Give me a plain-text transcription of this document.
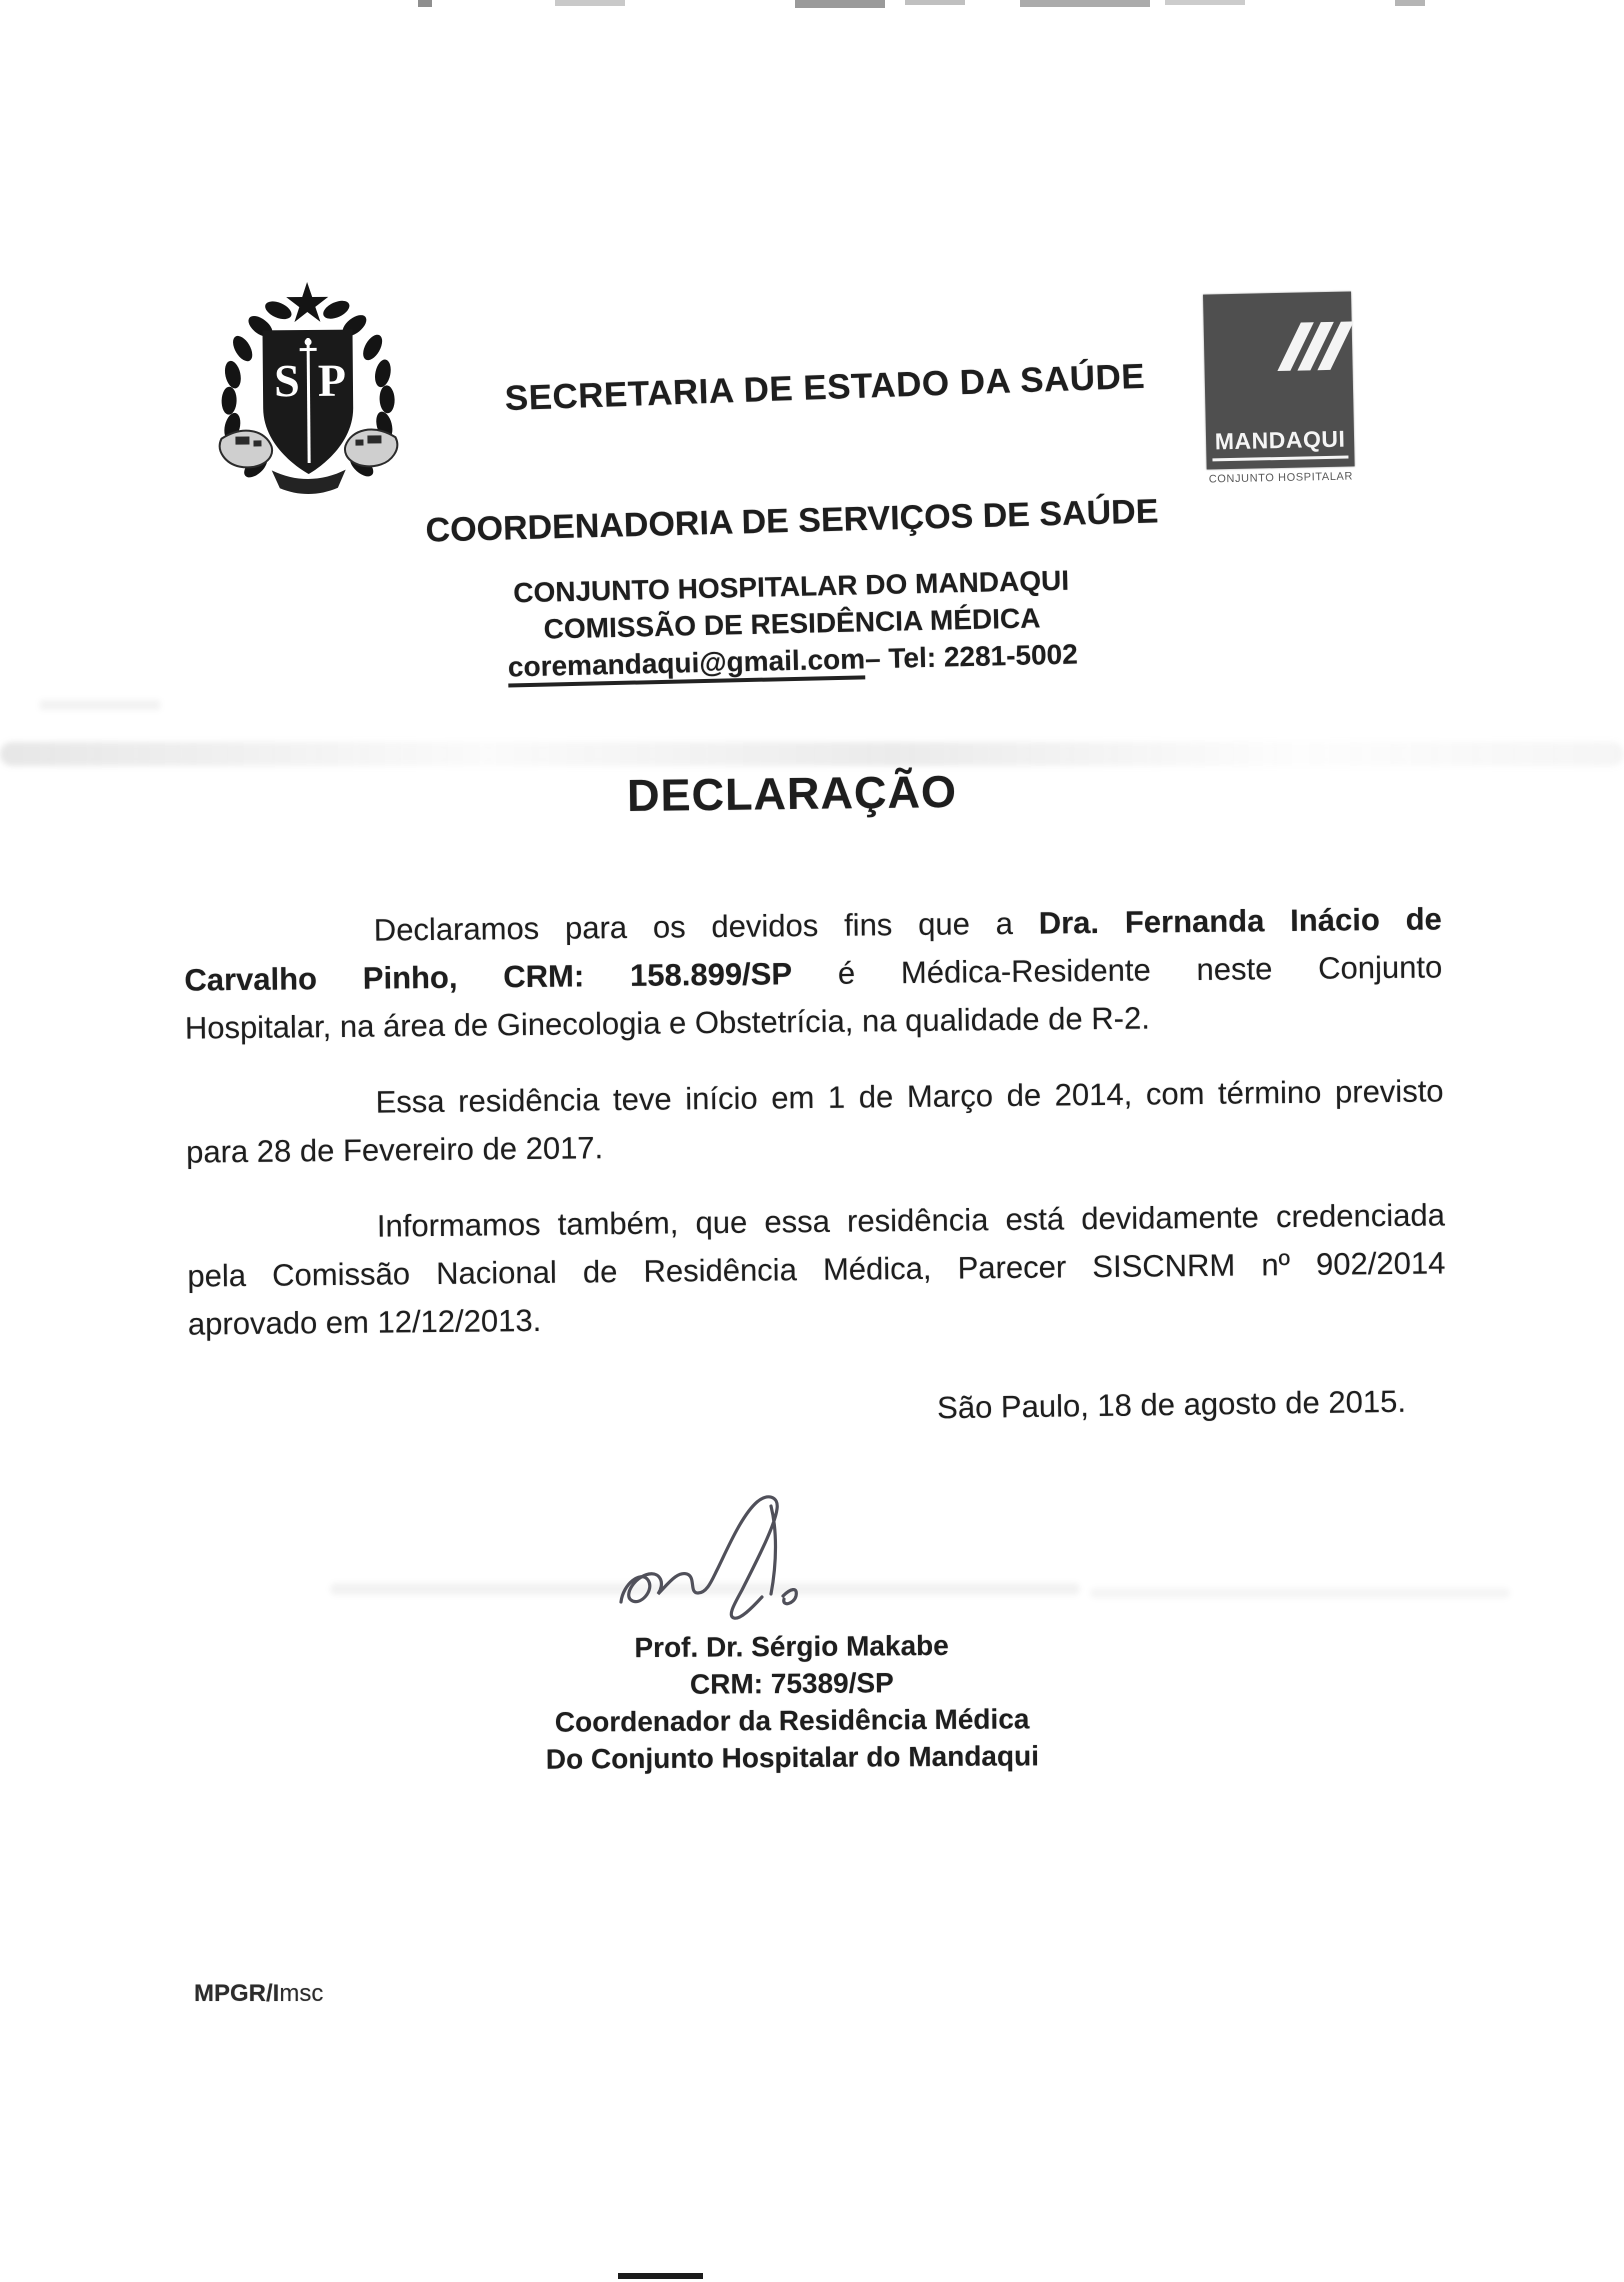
S P	SECRETARIA DE ESTADO DA SAÚDE
MANDAQUI
CONJUNTO HOSPITALAR
COORDENADORIA DE SERVIÇOS DE SAÚDE
CONJUNTO HOSPITALAR DO MANDAQUI
COMISSÃO DE RESIDÊNCIA MÉDICA
coremandaqui@gmail.com– Tel: 2281-5002
DECLARAÇÃO
Declaramos para os devidos fins que a Dra. Fernanda Inácio de
Carvalho Pinho, CRM: 158.899/SP é Médica-Residente neste Conjunto
Hospitalar, na área de Ginecologia e Obstetrícia, na qualidade de R-2.
Essa residência teve início em 1 de Março de 2014, com término previsto
para 28 de Fevereiro de 2017.
Informamos também, que essa residência está devidamente credenciada
pela Comissão Nacional de Residência Médica, Parecer SISCNRM nº 902/2014
aprovado em 12/12/2013.
São Paulo, 18 de agosto de 2015.
Prof. Dr. Sérgio Makabe
CRM: 75389/SP
Coordenador da Residência Médica
Do Conjunto Hospitalar do Mandaqui
MPGR/Imsc
